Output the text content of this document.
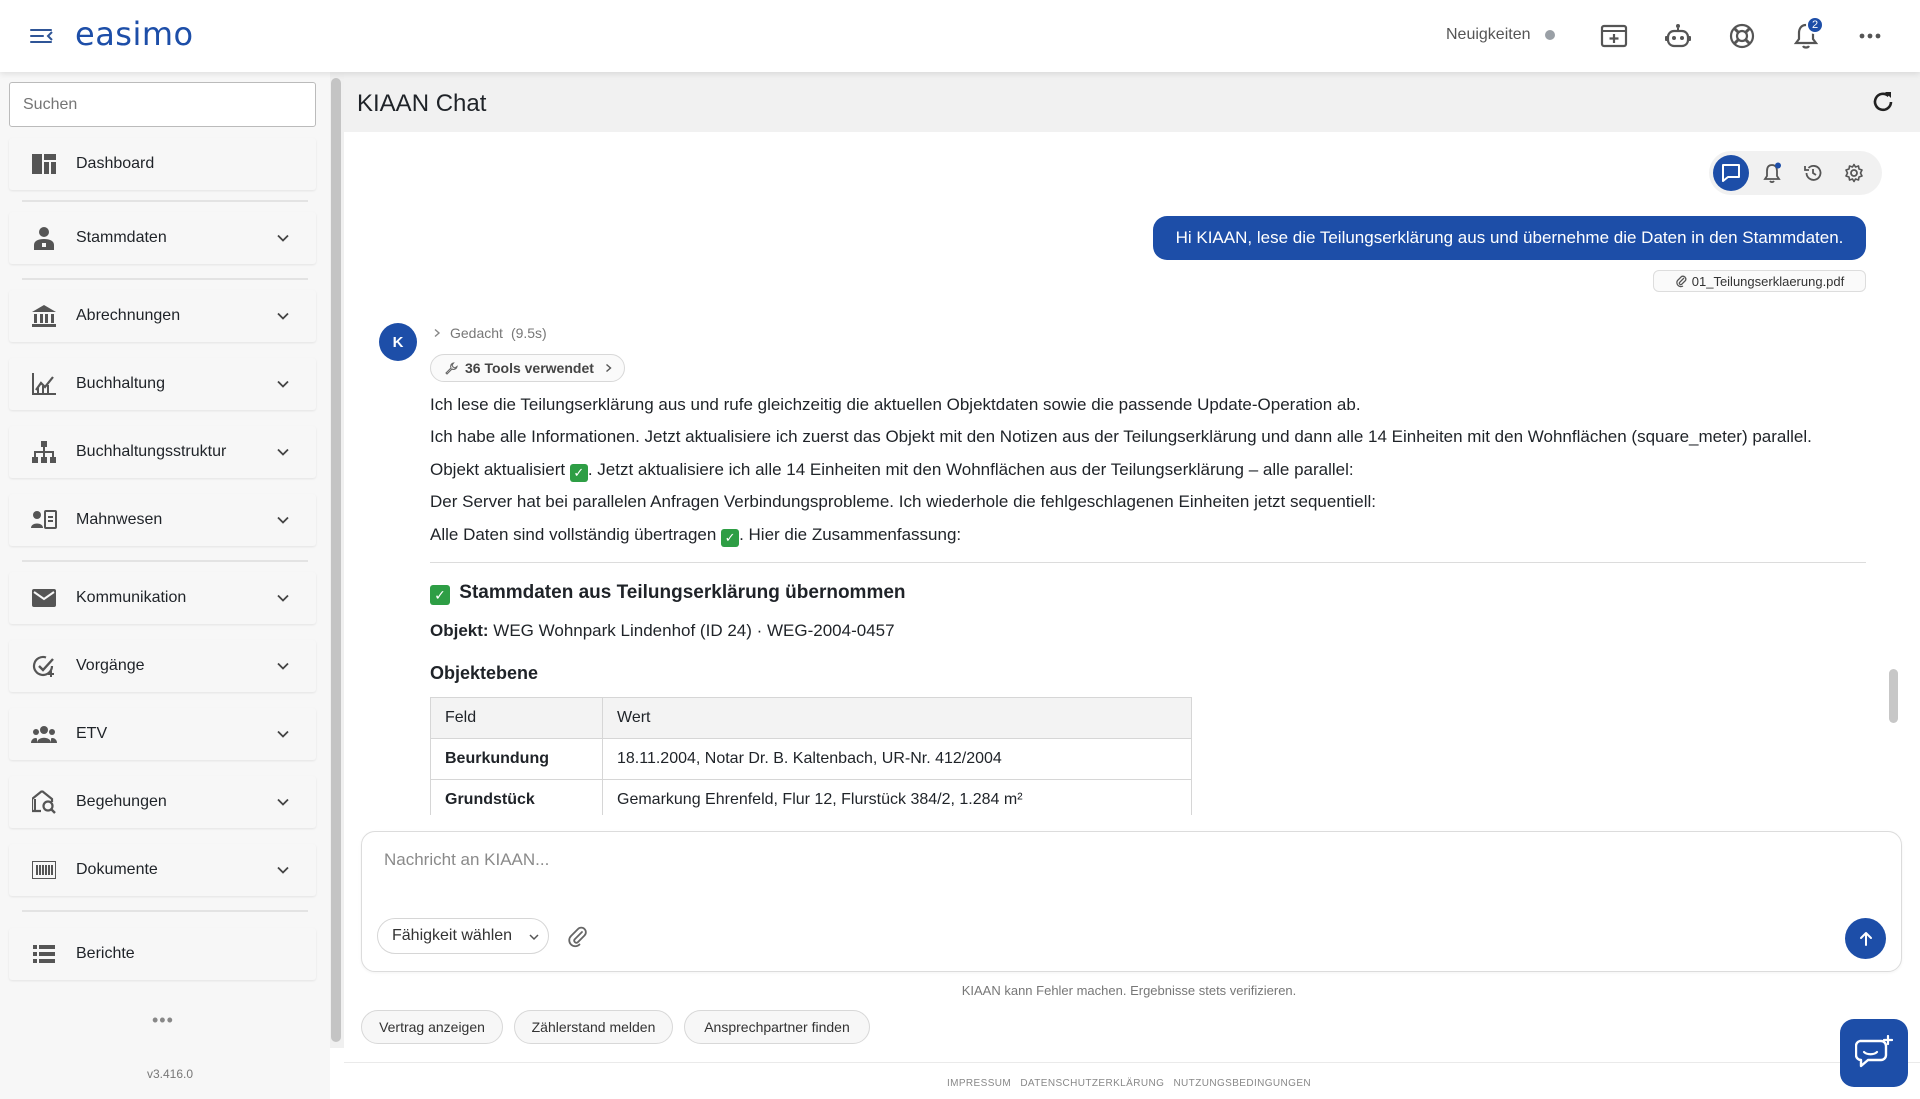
easimo	Neuigkeiten
2
Suchen
Dashboard
Stammdaten
Abrechnungen
Buchhaltung
Buchhaltungsstruktur
Mahnwesen
Kommunikation
Vorgänge
ETV
Begehungen
Dokumente
Berichte
•••
v3.416.0
KIAAN Chat
Hi KIAAN, lese die Teilungserklärung aus und übernehme die Daten in den Stammdaten.
01_Teilungserklaerung.pdf
K
Gedacht (9.5s)
36 Tools verwendet
Ich lese die Teilungserklärung aus und rufe gleichzeitig die aktuellen Objektdaten sowie die passende Update-Operation ab.
Ich habe alle Informationen. Jetzt aktualisiere ich zuerst das Objekt mit den Notizen aus der Teilungserklärung und dann alle 14 Einheiten mit den Wohnflächen (square_meter) parallel.
Objekt aktualisiert ✓ . Jetzt aktualisiere ich alle 14 Einheiten mit den Wohnflächen aus der Teilungserklärung – alle parallel:
Der Server hat bei parallelen Anfragen Verbindungsprobleme. Ich wiederhole die fehlgeschlagenen Einheiten jetzt sequentiell:
Alle Daten sind vollständig übertragen ✓ . Hier die Zusammenfassung:
✓ Stammdaten aus Teilungserklärung übernommen
Objekt: WEG Wohnpark Lindenhof (ID 24) · WEG-2004-0457
Objektebene
Feld	Wert
Beurkundung	18.11.2004, Notar Dr. B. Kaltenbach, UR-Nr. 412/2004
Grundstück	Gemarkung Ehrenfeld, Flur 12, Flurstück 384/2, 1.284 m²
Nachricht an KIAAN...
Fähigkeit wählen
KIAAN kann Fehler machen. Ergebnisse stets verifizieren.
Vertrag anzeigen	Zählerstand melden	Ansprechpartner finden
IMPRESSUM DATENSCHUTZERKLÄRUNG NUTZUNGSBEDINGUNGEN
